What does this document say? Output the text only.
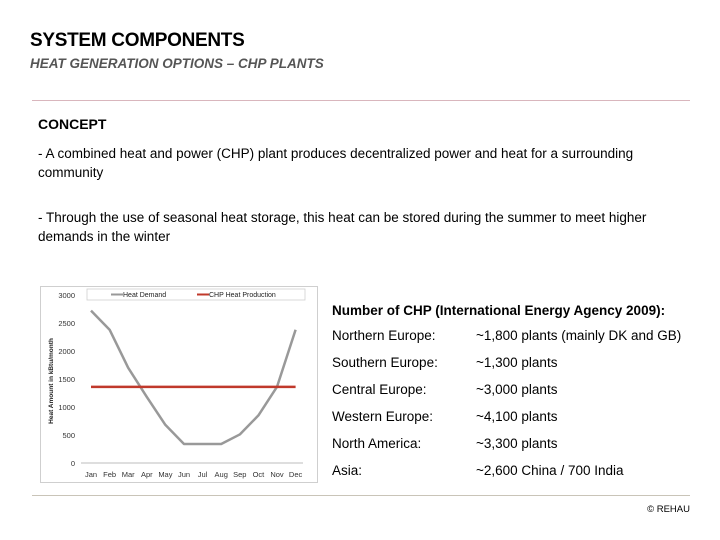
SYSTEM COMPONENTS
HEAT GENERATION OPTIONS – CHP PLANTS
CONCEPT
- A combined heat and power (CHP) plant produces decentralized power and heat for a surrounding community
- Through the use of seasonal heat storage, this heat can be stored during the summer to meet higher demands in the winter
0
500
1000
1500
2000
2500
3000
Heat Amount in kBtu/month
Jan Feb Mar Apr May Jun Jul Aug Sep Oct Nov Dec
Heat Demand	CHP Heat Production
Number of CHP (International Energy Agency 2009):
Northern Europe:	~1,800 plants (mainly DK and GB)
Southern Europe:	~1,300 plants
Central Europe:	~3,000 plants
Western Europe:	~4,100 plants
North America:	~3,300 plants
Asia:	~2,600 China / 700 India
© REHAU
